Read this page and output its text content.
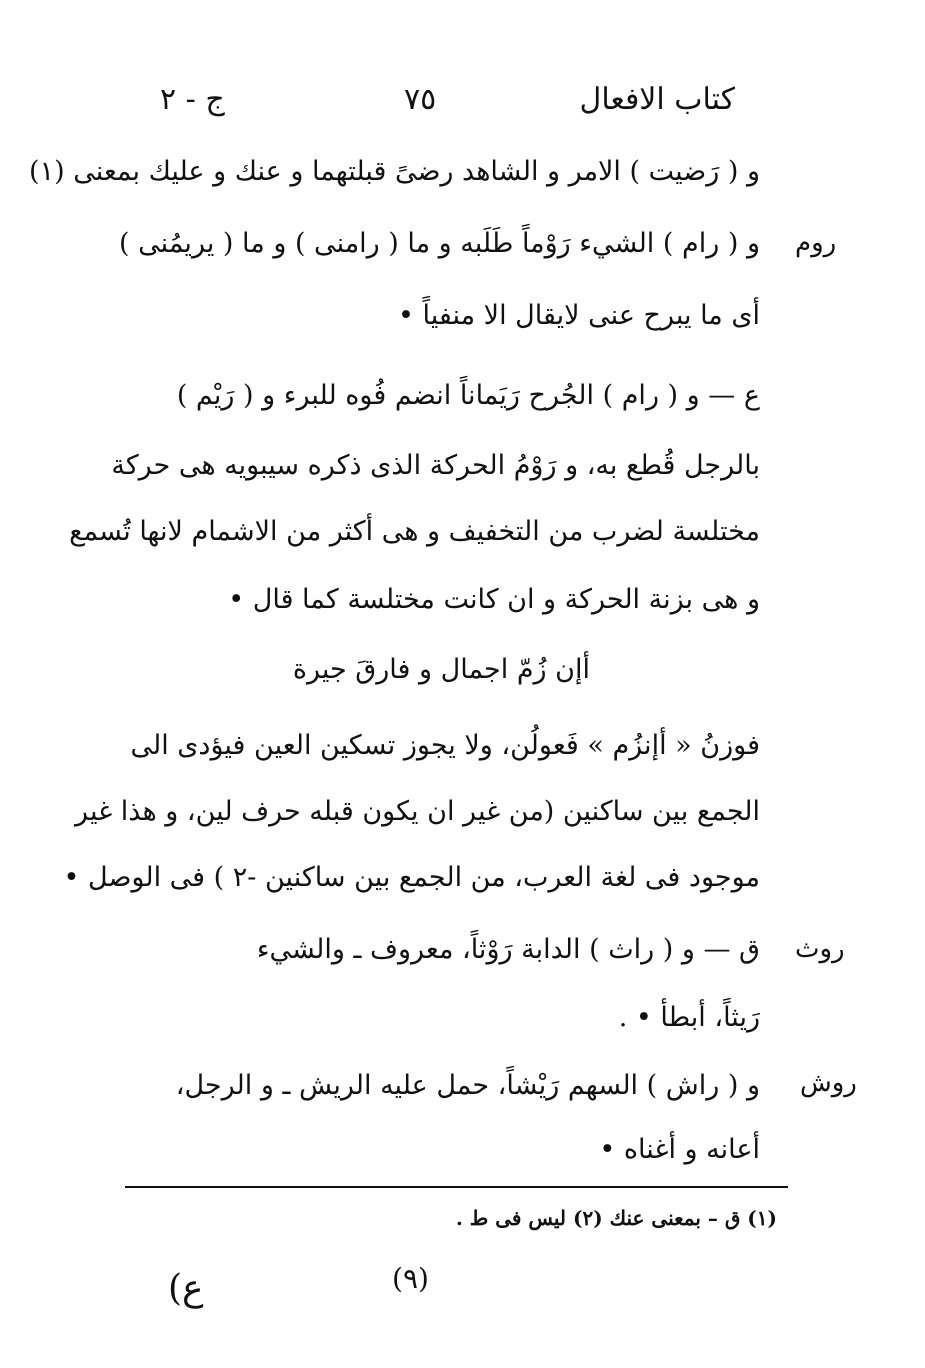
كتاب الافعال
٧٥
ج - ٢
روم
روث
روش
و ( رَضيت ) الامر و الشاهد رضىً قبلتهما و عنك و عليك بمعنى (١)
و ( رام ) الشيء رَوْماً طَلَبه و ما ( رامنى ) و ما ( يريمُنى )
أى ما يبرح عنى لايقال الا منفياً •
ع — و ( رام ) الجُرح رَيَماناً انضم فُوه للبرء و ( رَيْم )
بالرجل قُطع به، و رَوْمُ الحركة الذى ذكره سيبويه هى حركة
مختلسة لضرب من التخفيف و هى أكثر من الاشمام لانها تُسمع
و هى بزنة الحركة و ان كانت مختلسة كما قال •
أإن زُمّ اجمال و فارقَ جيرة
فوزنُ « أإنزُم » فَعولُن، ولا يجوز تسكين العين فيؤدى الى
الجمع بين ساكنين (من غير ان يكون قبله حرف لين، و هذا غير
موجود فى لغة العرب، من الجمع بين ساكنين -٢ ) فى الوصل •
ق — و ( راث ) الدابة رَوْثاً، معروف ـ والشيء
رَيثاً، أبطأ • .
و ( راش ) السهم رَيْشاً، حمل عليه الريش ـ و الرجل،
أعانه و أغناه •
(١) ق – بمعنى عنك (٢) ليس فى ط .
(٩)
ع)
